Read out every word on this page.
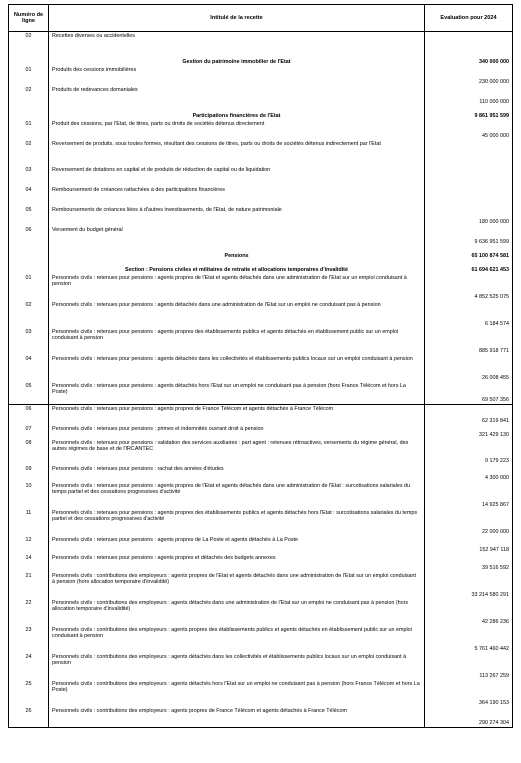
Numéro de ligne	Intitulé de la recette	Evaluation pour 2024
02	Recettes diverses ou accidentelles	
	Gestion du patrimoine immobilier de l'Etat	340 000 000
01	Produits des cessions immobilières	230 000 000
02	Produits de redevances domaniales	110 000 000
	Participations financières de l'Etat	9 861 951 599
01	Produit des cessions, par l'Etat, de titres, parts ou droits de sociétés détenus directement	45 000 000
02	Reversement de produits, sous toutes formes, résultant des cessions de titres, parts ou droits de sociétés détenus indirectement par l'Etat	
03	Reversement de dotations en capital et de produits de réduction de capital ou de liquidation	
04	Remboursement de créances rattachées à des participations financières	
05	Remboursements de créances liées à d'autres investissements, de l'Etat, de nature patrimoniale	180 000 000
06	Versement du budget général	9 636 951 599
	Pensions	65 100 874 581
	Section : Pensions civiles et militaires de retraite et allocations temporaires d'invalidité	61 694 621 453
01	Personnels civils : retenues pour pensions : agents propres de l'Etat et agents détachés dans une administration de l'Etat sur un emploi conduisant à pension	4 852 525 075
02	Personnels civils : retenues pour pensions : agents détachés dans une administration de l'Etat sur un emploi ne conduisant pas à pension	6 184 574
03	Personnels civils : retenues pour pensions : agents propres des établissements publics et agents détachés en établissement public sur un emploi conduisant à pension	885 918 771
04	Personnels civils : retenues pour pensions : agents détachés dans les collectivités et établissements publics locaux sur un emploi conduisant à pension	26 008 455
05	Personnels civils : retenues pour pensions : agents détachés hors l'Etat sur un emploi ne conduisant pas à pension (hors France Télécom et hors La Poste)	69 507 356
06	Personnels civils : retenues pour pensions : agents propres de France Télécom et agents détachés à France Télécom	62 319 841
07	Personnels civils : retenues pour pensions : primes et indemnités ouvrant droit à pension	321 429 130
08	Personnels civils : retenues pour pensions : validation des services auxiliaires : part agent : retenues rétroactives, versements du régime général, des autres régimes de base et de l'IRCANTEC	9 179 223
09	Personnels civils : retenues pour pensions : rachat des années d'études	4 300 000
10	Personnels civils : retenues pour pensions : agents propres de l'Etat et agents détachés dans une administration de l'Etat : surcotisations salariales du temps partiel et des cessations progressives d'activité	14 925 867
11	Personnels civils : retenues pour pensions : agents propres des établissements publics et agents détachés hors l'Etat : surcotisations salariales du temps partiel et des cessations progressives d'activité	22 000 000
12	Personnels civils : retenues pour pensions : agents propres de La Poste et agents détachés à La Poste	152 947 118
14	Personnels civils : retenues pour pensions : agents propres et détachés des budgets annexes	39 516 592
21	Personnels civils : contributions des employeurs : agents propres de l'Etat et agents détachés dans une administration de l'Etat sur un emploi conduisant à pension (hors allocation temporaire d'invalidité)	33 214 580 291
22	Personnels civils : contributions des employeurs : agents détachés dans une administration de l'Etat sur un emploi ne conduisant pas à pension (hors allocation temporaire d'invalidité)	42 286 236
23	Personnels civils : contributions des employeurs : agents propres des établissements publics et agents détachés en établissement public sur un emploi conduisant à pension	5 761 460 442
24	Personnels civils : contributions des employeurs : agents détachés dans les collectivités et établissements publics locaux sur un emploi conduisant à pension	113 267 259
25	Personnels civils : contributions des employeurs : agents détachés hors l'Etat sur un emploi ne conduisant pas à pension (hors France Télécom et hors La Poste)	364 190 153
26	Personnels civils : contributions des employeurs : agents propres de France Télécom et agents détachés à France Télécom	290 274 304
